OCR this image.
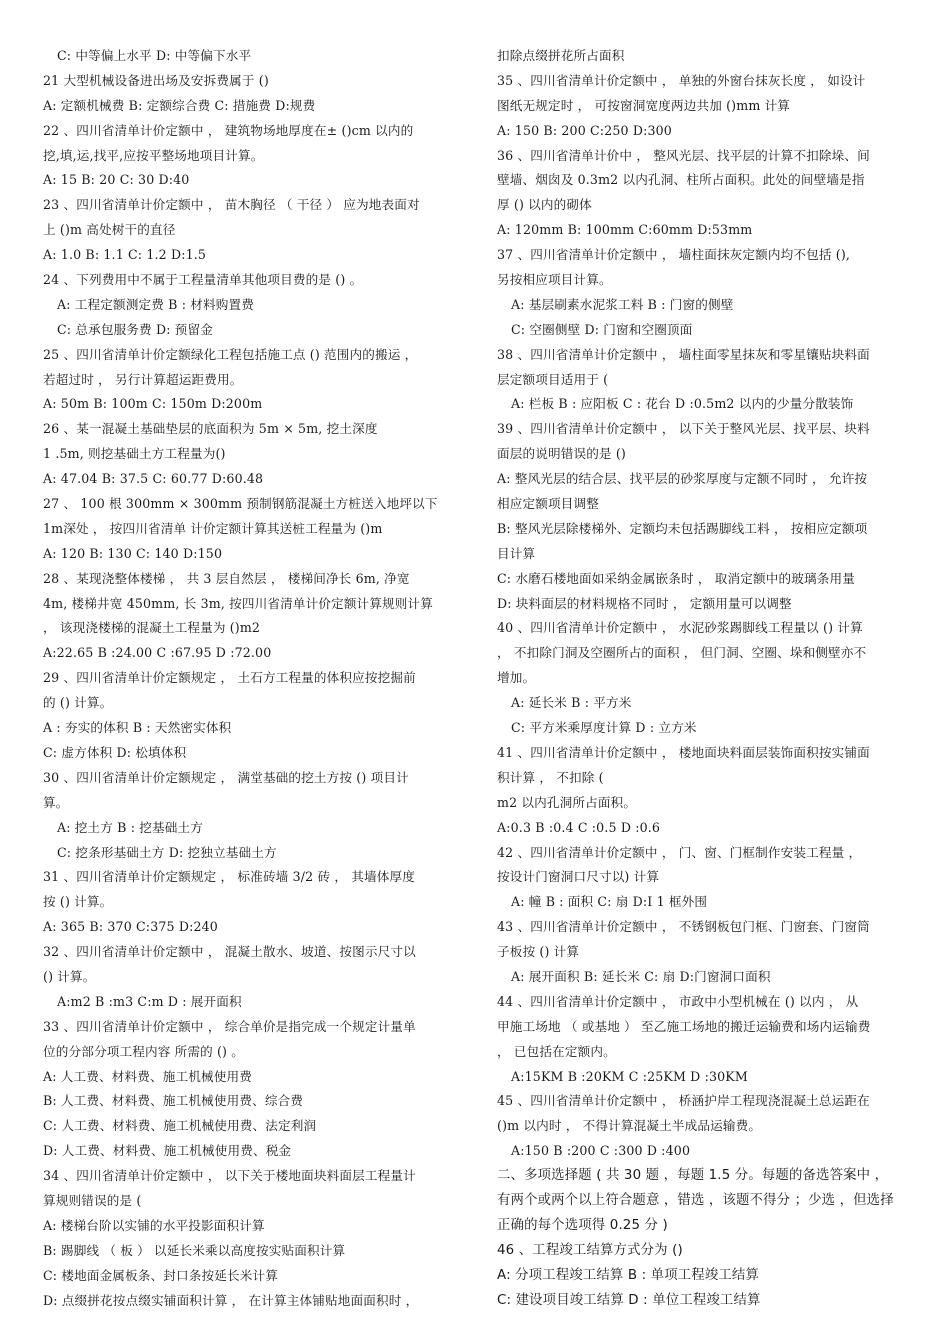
C: 中等偏上水平 D: 中等偏下水平
21 大型机械设备进出场及安拆费属于 ()
A: 定额机械费 B: 定额综合费 C: 措施费 D:规费
22 、四川省清单计价定额中 ， 建筑物场地厚度在± ()cm 以内的
挖,填,运,找平,应按平整场地项目计算。
A: 15 B: 20 C: 30 D:40
23 、四川省清单计价定额中 ， 苗木胸径 （ 干径 ） 应为地表面对
上 ()m 高处树干的直径
A: 1.0 B: 1.1 C: 1.2 D:1.5
24 、下列费用中不属于工程量清单其他项目费的是 () 。
A: 工程定额测定费 B : 材料购置费
C: 总承包服务费 D: 预留金
25 、四川省清单计价定额绿化工程包括施工点 () 范围内的搬运 ，
若超过时 ， 另行计算超运距费用。
A: 50m B: 100m C: 150m D:200m
26 、某一混凝土基础垫层的底面积为 5m × 5m, 挖土深度
1 .5m, 则挖基础土方工程量为()
A: 47.04 B: 37.5 C: 60.77 D:60.48
27 、 100 根 300mm × 300mm 预制钢筋混凝土方桩送入地坪以下
1m深处 ， 按四川省清单 计价定额计算其送桩工程量为 ()m
A: 120 B: 130 C: 140 D:150
28 、某现浇整体楼梯 ， 共 3 层自然层 ， 楼梯间净长 6m, 净宽
4m, 楼梯井宽 450mm, 长 3m, 按四川省清单计价定额计算规则计算
， 该现浇楼梯的混凝土工程量为 ()m2
A:22.65 B :24.00 C :67.95 D :72.00
29 、四川省清单计价定额规定 ， 土石方工程量的体积应按挖掘前
的 () 计算。
A : 夯实的体积 B : 天然密实体积
C: 虚方体积 D: 松填体积
30 、四川省清单计价定额规定 ， 满堂基础的挖土方按 () 项目计
算。
A: 挖土方 B : 挖基础土方
C: 挖条形基础土方 D: 挖独立基础土方
31 、四川省清单计价定额规定 ， 标准砖墙 3/2 砖 ， 其墙体厚度
按 () 计算。
A: 365 B: 370 C:375 D:240
32 、四川省清单计价定额中 ， 混凝土散水、坡道、按图示尺寸以
() 计算。
A:m2 B :m3 C:m D : 展开面积
33 、四川省清单计价定额中 ， 综合单价是指完成一个规定计量单
位的分部分项工程内容 所需的 () 。
A: 人工费、材料费、施工机械使用费
B: 人工费、材料费、施工机械使用费、综合费
C: 人工费、材料费、施工机械使用费、法定利润
D: 人工费、材料费、施工机械使用费、税金
34 、四川省清单计价定额中 ， 以下关于楼地面块料面层工程量计
算规则错误的是 (
A: 楼梯台阶以实铺的水平投影面积计算
B: 踢脚线 （ 板 ） 以延长米乘以高度按实贴面积计算
C: 楼地面金属板条、封口条按延长米计算
D: 点缀拼花按点缀实铺面积计算 ， 在计算主体铺贴地面面积时 ，
扣除点缀拼花所占面积
35 、四川省清单计价定额中 ， 单独的外窗台抹灰长度 ， 如设计
图纸无规定时 ， 可按窗洞宽度两边共加 ()mm 计算
A: 150 B: 200 C:250 D:300
36 、四川省清单计价中 ， 整风光层、找平层的计算不扣除垛、间
壁墙、烟囱及 0.3m2 以内孔洞、柱所占面积。此处的间壁墙是指
厚 () 以内的砌体
A: 120mm B: 100mm C:60mm D:53mm
37 、四川省清单计价定额中 ， 墙柱面抹灰定额内均不包括 (),
另按相应项目计算。
A: 基层刷素水泥浆工料 B : 门窗的侧壁
C: 空圈侧壁 D: 门窗和空圈顶面
38 、四川省清单计价定额中 ， 墙柱面零星抹灰和零星镶贴块料面
层定额项目适用于 (
A: 栏板 B : 应阳板 C : 花台 D :0.5m2 以内的少量分散装饰
39 、四川省清单计价定额中 ， 以下关于整风光层、找平层、块料
面层的说明错误的是 ()
A: 整风光层的结合层、找平层的砂浆厚度与定额不同时 ， 允许按
相应定额项目调整
B: 整风光层除楼梯外、定额均未包括踢脚线工料 ， 按相应定额项
目计算
C: 水磨石楼地面如采纳金属嵌条时 ， 取消定额中的玻璃条用量
D: 块料面层的材料规格不同时 ， 定额用量可以调整
40 、四川省清单计价定额中 ， 水泥砂浆踢脚线工程量以 () 计算
， 不扣除门洞及空圈所占的面积 ， 但门洞、空圈、垛和侧壁亦不
增加。
A: 延长米 B : 平方米
C: 平方米乘厚度计算 D : 立方米
41 、四川省清单计价定额中 ， 楼地面块料面层装饰面积按实铺面
积计算 ， 不扣除 (
m2 以内孔洞所占面积。
A:0.3 B :0.4 C :0.5 D :0.6
42 、四川省清单计价定额中 ， 门、窗、门框制作安装工程量 ，
按设计门窗洞口尺寸以) 计算
A: 幢 B : 面积 C: 扇 D:I 1 框外围
43 、四川省清单计价定额中 ， 不锈钢板包门框、门窗套、门窗筒
子板按 () 计算
A: 展开面积 B: 延长米 C: 扇 D:门窗洞口面积
44 、四川省清单计价定额中 ， 市政中小型机械在 () 以内 ， 从
甲施工场地 （ 或基地 ） 至乙施工场地的搬迁运输费和场内运输费
， 已包括在定额内。
A:15KM B :20KM C :25KM D :30KM
45 、四川省清单计价定额中 ， 桥涵护岸工程现浇混凝土总运距在
()m 以内时 ， 不得计算混凝土半成品运输费。
A:150 B :200 C :300 D :400
二、多项选择题 ( 共 30 题 ，每题 1.5 分。每题的备选答案中 ，
有两个或两个以上符合题意 ，错选 ，该题不得分 ；少选 ，但选择
正确的每个选项得 0.25 分 )
46 、工程竣工结算方式分为 ()
A: 分项工程竣工结算 B : 单项工程竣工结算
C: 建设项目竣工结算 D : 单位工程竣工结算
